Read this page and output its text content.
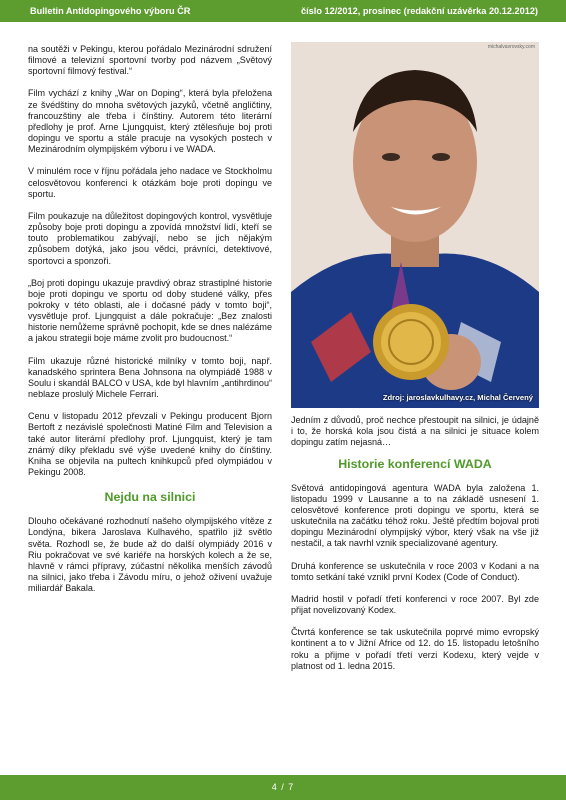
Bulletin Antidopingového výboru ČR	číslo 12/2012, prosinec (redakční uzávěrka 20.12.2012)

na soutěži v Pekingu, kterou pořádalo Mezinárodní sdružení filmové a televizní sportovní tvorby pod názvem „Světový sportovní filmový festival.“

Film vychází z knihy „War on Doping“, která byla přeložena ze švédštiny do mnoha světových jazyků, včetně angličtiny, francouzštiny ale třeba i čínštiny. Autorem této literární předlohy je prof. Arne Ljungquist, který ztělesňuje boj proti dopingu ve sportu a stále pracuje na vysokých postech v Mezinárodním olympijském výboru i ve WADA.

V minulém roce v říjnu pořádala jeho nadace ve Stockholmu celosvětovou konferenci k otázkám boje proti dopingu ve sportu.

Film poukazuje na důležitost dopingových kontrol, vysvětluje způsoby boje proti dopingu a zpovídá množství lidí, kteří se touto problematikou zabývají, nebo se jich nějakým způsobem dotýká, jako jsou vědci, právníci, detektivové, sportovci a sponzoři.

„Boj proti dopingu ukazuje pravdivý obraz strastiplné historie boje proti dopingu ve sportu od doby studené války, přes pokroky v této oblasti, ale i dočasné pády v tomto boji“, vysvětluje prof. Ljungquist a dále pokračuje: „Bez znalosti historie nemůžeme správně pochopit, kde se dnes nalézáme a jakou strategii boje máme zvolit pro budoucnost.“

Film ukazuje různé historické milníky v tomto boji, např. kanadského sprintera Bena Johnsona na olympiádě 1988 v Soulu i skandál BALCO v USA, kde byl hlavním „antihrdinou“ neblaze proslulý Michele Ferrari.

Cenu v listopadu 2012 převzali v Pekingu producent Bjorn Bertoft z nezávislé společnosti Matiné Film and Television a také autor literární předlohy prof. Ljungquist, který je tam známý díky překladu své výše uvedené knihy do čínštiny. Kniha se objevila na pultech knihkupců před olympiádou v Pekingu 2008.

Nejdu na silnici

Dlouho očekávané rozhodnutí našeho olympijského vítěze z Londýna, bikera Jaroslava Kulhavého, spatřilo již světlo světa. Rozhodl se, že bude až do další olympiády 2016 v Riu pokračovat ve své kariéře na horských kolech a že se, hlavně v rámci přípravy, zúčastní několika menších závodů na silnici, jako třeba i Závodu míru, o jehož oživení uvažuje miliardář Bakala.

michalvavrovsky.com
Zdroj: jaroslavkulhavy.cz, Michal Červený

Jedním z důvodů, proč nechce přestoupit na silnici, je údajně i to, že horská kola jsou čistá a na silnici je situace kolem dopingu zatím nejasná…

Historie konferencí WADA

Světová antidopingová agentura WADA byla založena 1. listopadu 1999 v Lausanne a to na základě usnesení 1. celosvětové konference proti dopingu ve sportu, která se uskutečnila na začátku téhož roku. Ještě předtím bojoval proti dopingu Mezinárodní olympijský výbor, který však na vše již nestačil, a tak navrhl vznik specializované agentury.

Druhá konference se uskutečnila v roce 2003 v Kodani a na tomto setkání také vznikl první Kodex (Code of Conduct).

Madrid hostil v pořadí třetí konferenci v roce 2007. Byl zde přijat novelizovaný Kodex.

Čtvrtá konference se tak uskutečnila poprvé mimo evropský kontinent a to v Jižní Africe od 12. do 15. listopadu letošního roku a přijme v pořadí třetí verzi Kodexu, který vejde v platnost od 1. ledna 2015.

4 / 7
